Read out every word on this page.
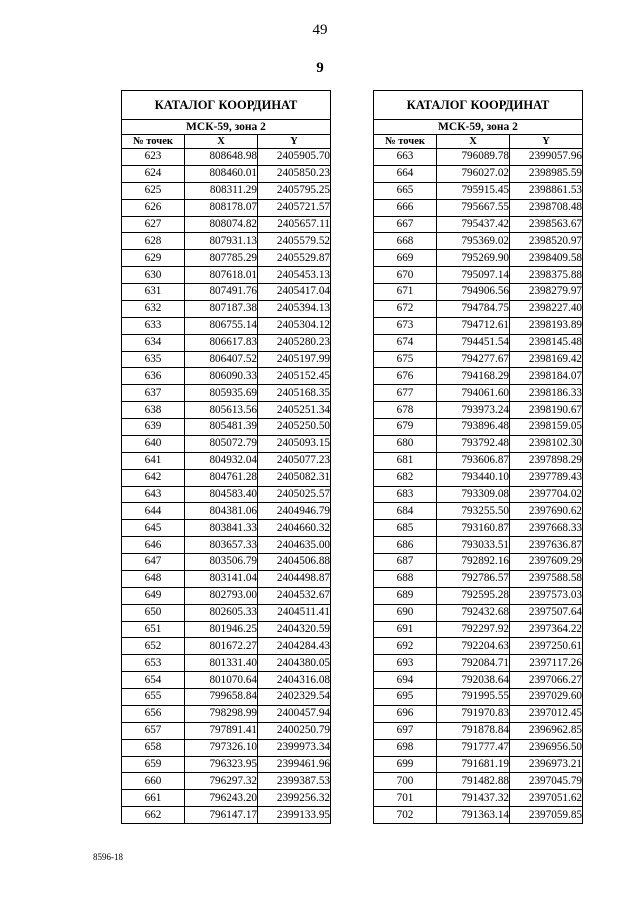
49
9
КАТАЛОГ КООРДИНАТ		
МСК-59, зона 2		
№ точек	X	Y
623	808648.98	2405905.70
624	808460.01	2405850.23
625	808311.29	2405795.25
626	808178.07	2405721.57
627	808074.82	2405657.11
628	807931.13	2405579.52
629	807785.29	2405529.87
630	807618.01	2405453.13
631	807491.76	2405417.04
632	807187.38	2405394.13
633	806755.14	2405304.12
634	806617.83	2405280.23
635	806407.52	2405197.99
636	806090.33	2405152.45
637	805935.69	2405168.35
638	805613.56	2405251.34
639	805481.39	2405250.50
640	805072.79	2405093.15
641	804932.04	2405077.23
642	804761.28	2405082.31
643	804583.40	2405025.57
644	804381.06	2404946.79
645	803841.33	2404660.32
646	803657.33	2404635.00
647	803506.79	2404506.88
648	803141.04	2404498.87
649	802793.00	2404532.67
650	802605.33	2404511.41
651	801946.25	2404320.59
652	801672.27	2404284.43
653	801331.40	2404380.05
654	801070.64	2404316.08
655	799658.84	2402329.54
656	798298.99	2400457.94
657	797891.41	2400250.79
658	797326.10	2399973.34
659	796323.95	2399461.96
660	796297.32	2399387.53
661	796243.20	2399256.32
662	796147.17	2399133.95
КАТАЛОГ КООРДИНАТ		
МСК-59, зона 2		
№ точек	X	Y
663	796089.78	2399057.96
664	796027.02	2398985.59
665	795915.45	2398861.53
666	795667.55	2398708.48
667	795437.42	2398563.67
668	795369.02	2398520.97
669	795269.90	2398409.58
670	795097.14	2398375.88
671	794906.56	2398279.97
672	794784.75	2398227.40
673	794712.61	2398193.89
674	794451.54	2398145.48
675	794277.67	2398169.42
676	794168.29	2398184.07
677	794061.60	2398186.33
678	793973.24	2398190.67
679	793896.48	2398159.05
680	793792.48	2398102.30
681	793606.87	2397898.29
682	793440.10	2397789.43
683	793309.08	2397704.02
684	793255.50	2397690.62
685	793160.87	2397668.33
686	793033.51	2397636.87
687	792892.16	2397609.29
688	792786.57	2397588.58
689	792595.28	2397573.03
690	792432.68	2397507.64
691	792297.92	2397364.22
692	792204.63	2397250.61
693	792084.71	2397117.26
694	792038.64	2397066.27
695	791995.55	2397029.60
696	791970.83	2397012.45
697	791878.84	2396962.85
698	791777.47	2396956.50
699	791681.19	2396973.21
700	791482.88	2397045.79
701	791437.32	2397051.62
702	791363.14	2397059.85
8596-18
